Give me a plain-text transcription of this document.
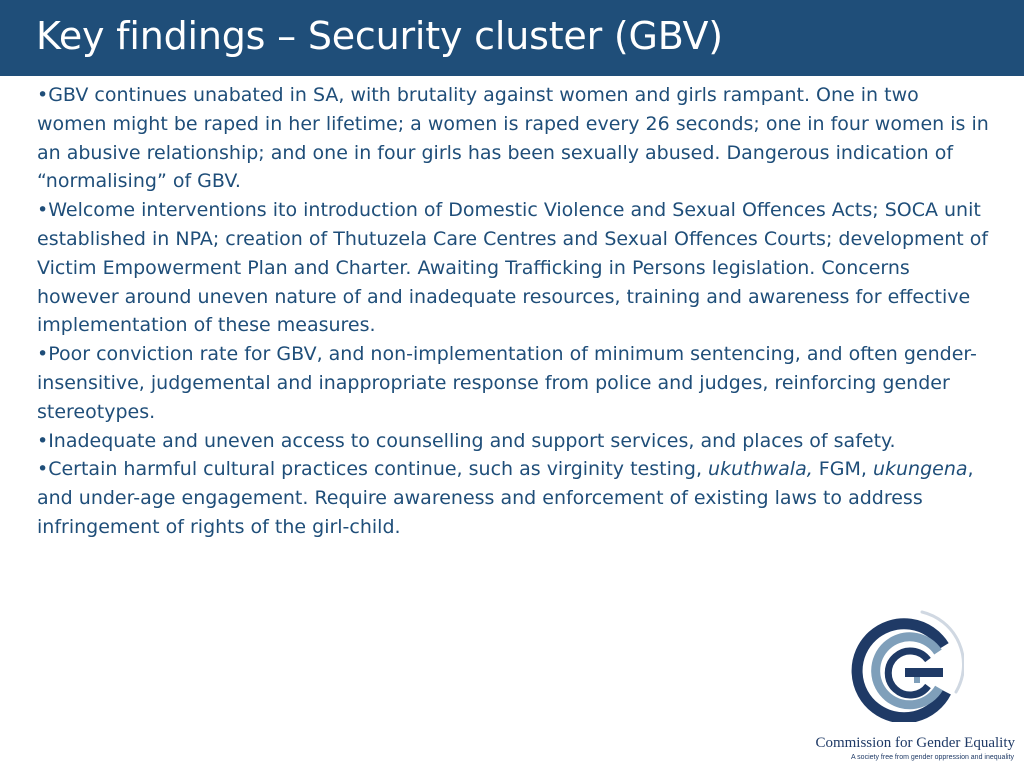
Key findings – Security cluster (GBV)

•GBV continues unabated in SA, with brutality against women and girls rampant. One in two women might be raped in her lifetime; a women is raped every 26 seconds; one in four women is in an abusive relationship; and one in four girls has been sexually abused. Dangerous indication of “normalising” of GBV.

•Welcome interventions ito introduction of Domestic Violence and Sexual Offences Acts; SOCA unit established in NPA; creation of Thutuzela Care Centres and Sexual Offences Courts; development of Victim Empowerment Plan and Charter. Awaiting Trafficking in Persons legislation. Concerns however around uneven nature of and inadequate resources, training and awareness for effective implementation of these measures.

•Poor conviction rate for GBV, and non-implementation of minimum sentencing, and often gender-insensitive, judgemental and inappropriate response from police and judges, reinforcing gender stereotypes.

•Inadequate and uneven access to counselling and support services, and places of safety.

•Certain harmful cultural practices continue, such as virginity testing, ukuthwala, FGM, ukungena, and under-age engagement. Require awareness and enforcement of existing laws to address infringement of rights of the girl-child.

Commission for Gender Equality
A society free from gender oppression and inequality
